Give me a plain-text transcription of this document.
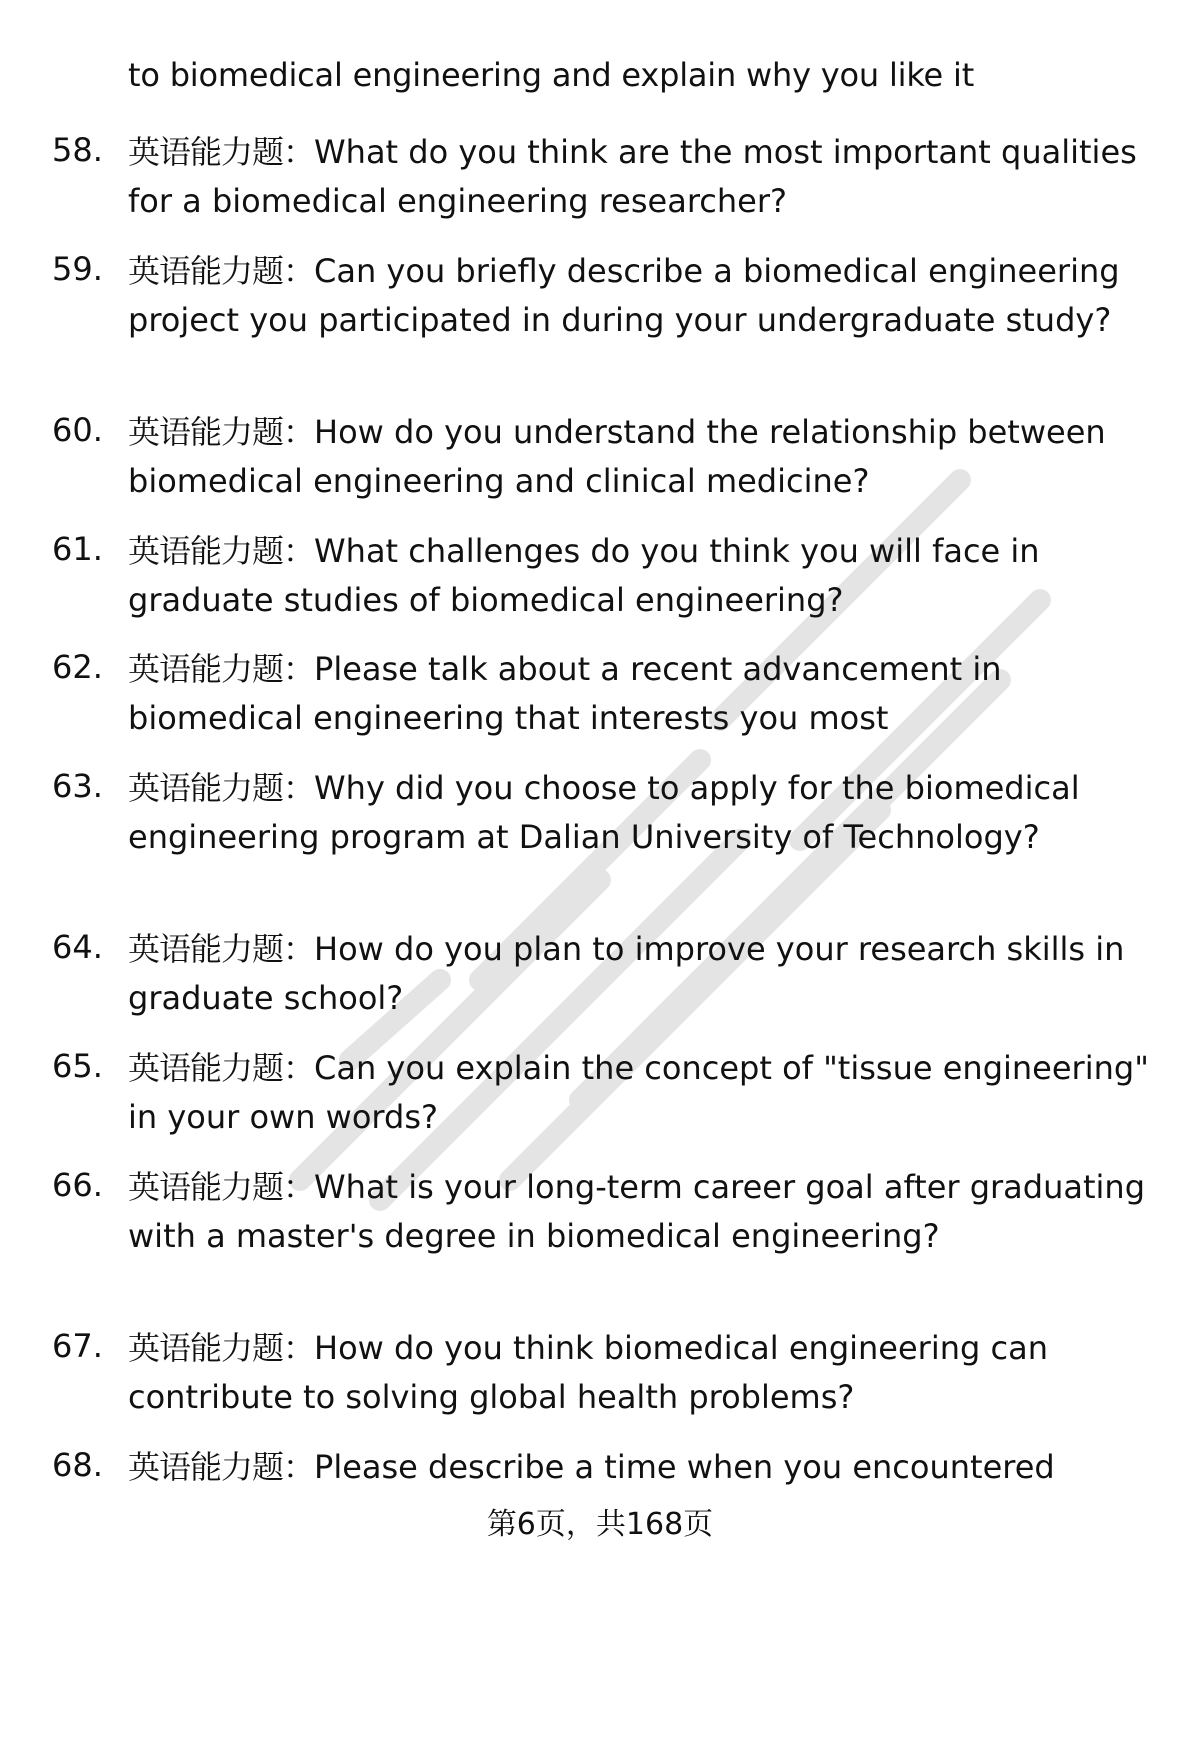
to biomedical engineering and explain why you like it
58. 英语能力题：What do you think are the most important qualities for a biomedical engineering researcher?
59. 英语能力题：Can you briefly describe a biomedical engineering project you participated in during your undergraduate study?
60. 英语能力题：How do you understand the relationship between biomedical engineering and clinical medicine?
61. 英语能力题：What challenges do you think you will face in graduate studies of biomedical engineering?
62. 英语能力题：Please talk about a recent advancement in biomedical engineering that interests you most
63. 英语能力题：Why did you choose to apply for the biomedical engineering program at Dalian University of Technology?
64. 英语能力题：How do you plan to improve your research skills in graduate school?
65. 英语能力题：Can you explain the concept of "tissue engineering" in your own words?
66. 英语能力题：What is your long-term career goal after graduating with a master's degree in biomedical engineering?
67. 英语能力题：How do you think biomedical engineering can contribute to solving global health problems?
68. 英语能力题：Please describe a time when you encountered
第6页，共168页
